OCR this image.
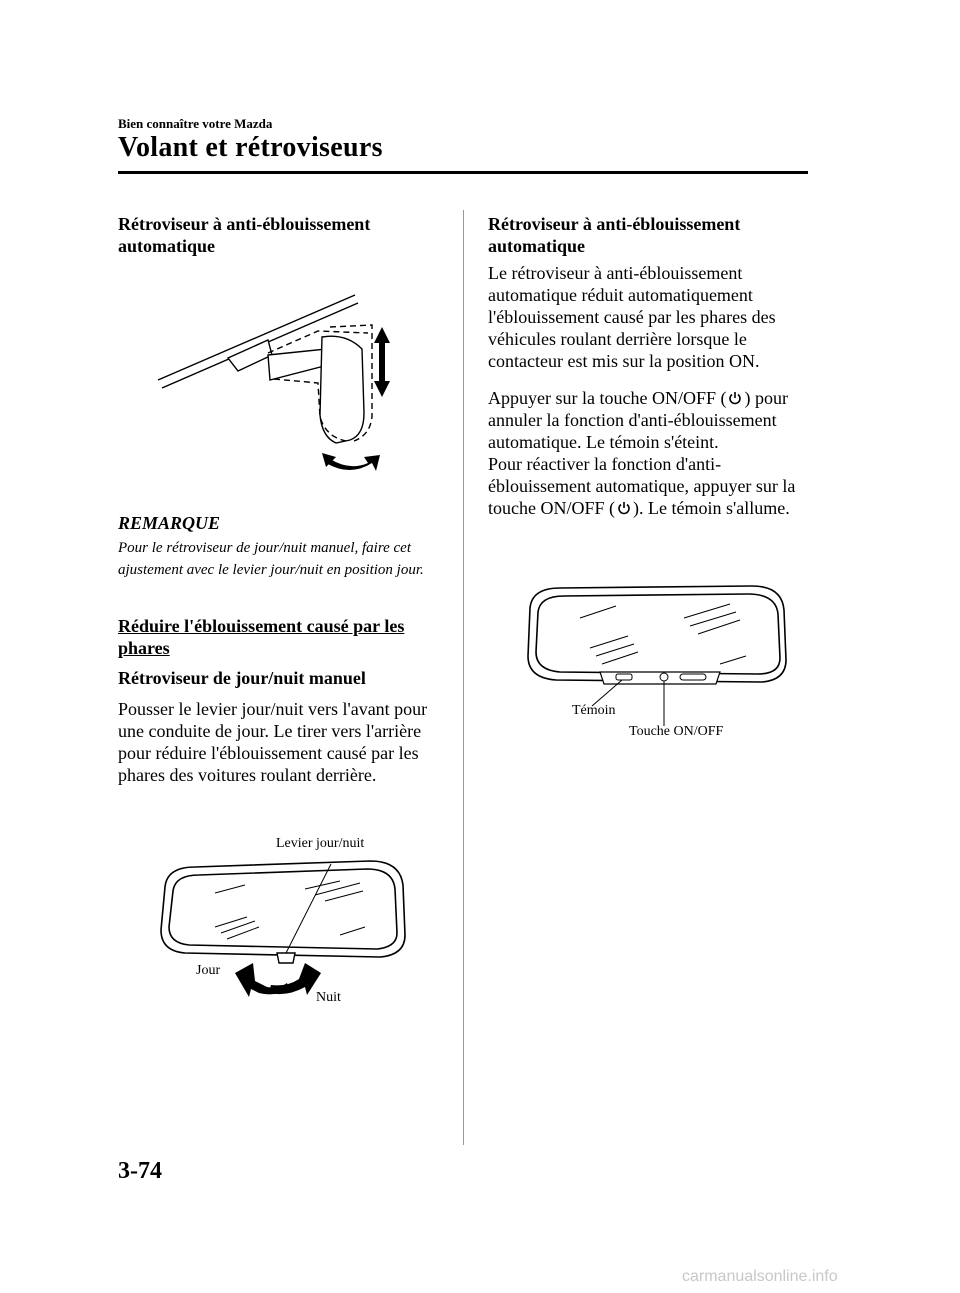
Bien connaître votre Mazda
Volant et rétroviseurs
Rétroviseur à anti-éblouissement automatique
REMARQUE
Pour le rétroviseur de jour/nuit manuel, faire cet ajustement avec le levier jour/nuit en position jour.
Réduire l'éblouissement causé par les phares
Rétroviseur de jour/nuit manuel
Pousser le levier jour/nuit vers l'avant pour une conduite de jour. Le tirer vers l'arrière pour réduire l'éblouissement causé par les phares des voitures roulant derrière.
Levier jour/nuit
Jour
Nuit
Rétroviseur à anti-éblouissement automatique
Le rétroviseur à anti-éblouissement automatique réduit automatiquement l'éblouissement causé par les phares des véhicules roulant derrière lorsque le contacteur est mis sur la position ON.
Appuyer sur la touche ON/OFF ( ) pour annuler la fonction d'anti-éblouissement automatique. Le témoin s'éteint.
Pour réactiver la fonction d'anti-éblouissement automatique, appuyer sur la touche ON/OFF ( ). Le témoin s'allume.
Témoin
Touche ON/OFF
3-74
carmanualsonline.info
